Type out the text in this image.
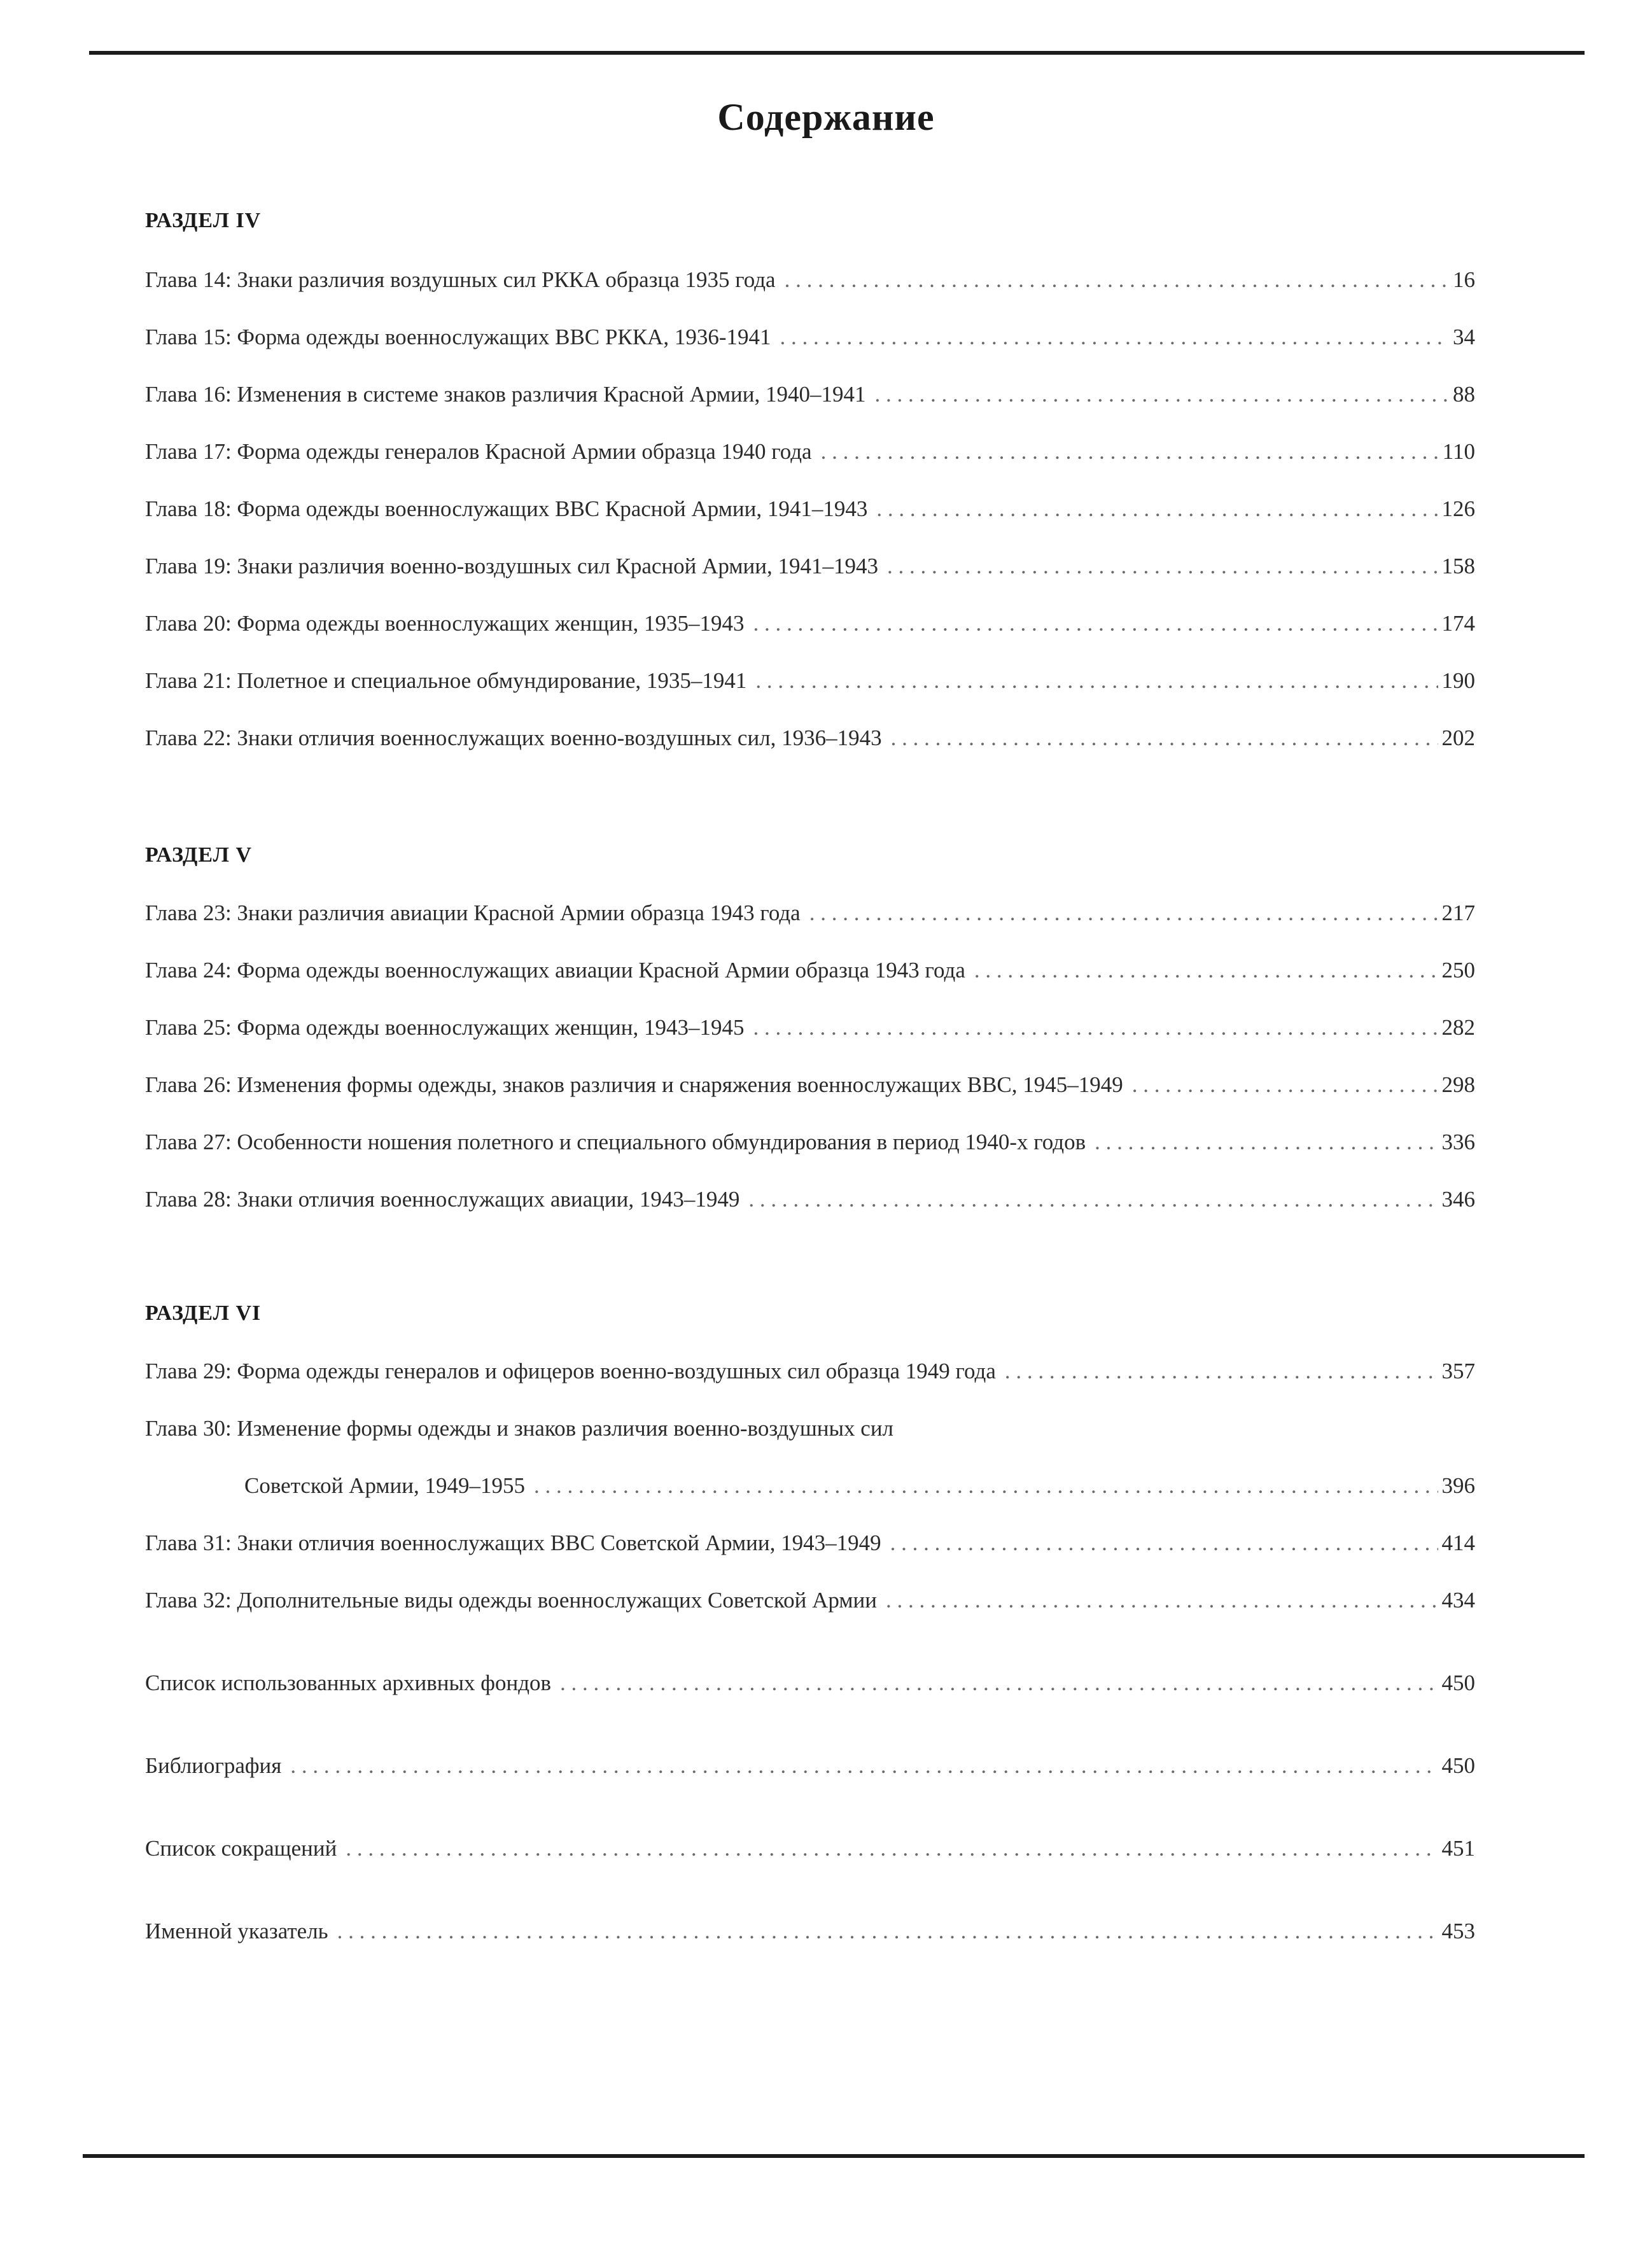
Содержание
РАЗДЕЛ IV
Глава 14: Знаки различия воздушных сил РККА образца 1935 года . . .	16
Глава 15: Форма одежды военнослужащих ВВС РККА, 1936-1941 . . .	34
Глава 16: Изменения в системе знаков различия Красной Армии, 1940–1941 . . .	88
Глава 17: Форма одежды генералов Красной Армии образца 1940 года . . .	110
Глава 18: Форма одежды военнослужащих ВВС Красной Армии, 1941–1943 . . .	126
Глава 19: Знаки различия военно-воздушных сил Красной Армии, 1941–1943 . . .	158
Глава 20: Форма одежды военнослужащих женщин, 1935–1943 . . .	174
Глава 21: Полетное и специальное обмундирование, 1935–1941 . . .	190
Глава 22: Знаки отличия военнослужащих военно-воздушных сил, 1936–1943 . . .	202
РАЗДЕЛ V
Глава 23: Знаки различия авиации Красной Армии образца 1943 года . . .	217
Глава 24: Форма одежды военнослужащих авиации Красной Армии образца 1943 года . . .	250
Глава 25: Форма одежды военнослужащих женщин, 1943–1945 . . .	282
Глава 26: Изменения формы одежды, знаков различия и снаряжения военнослужащих ВВС, 1945–1949 . . .	298
Глава 27: Особенности ношения полетного и специального обмундирования в период 1940-х годов . . .	336
Глава 28: Знаки отличия военнослужащих авиации, 1943–1949 . . .	346
РАЗДЕЛ VI
Глава 29: Форма одежды генералов и офицеров военно-воздушных сил образца 1949 года . . .	357
Глава 30: Изменение формы одежды и знаков различия военно-воздушных сил
Советской Армии, 1949–1955 . . .	396
Глава 31: Знаки отличия военнослужащих ВВС Советской Армии, 1943–1949 . . .	414
Глава 32: Дополнительные виды одежды военнослужащих Советской Армии . . .	434
Список использованных архивных фондов . . .	450
Библиография . . .	450
Список сокращений . . .	451
Именной указатель . . .	453
